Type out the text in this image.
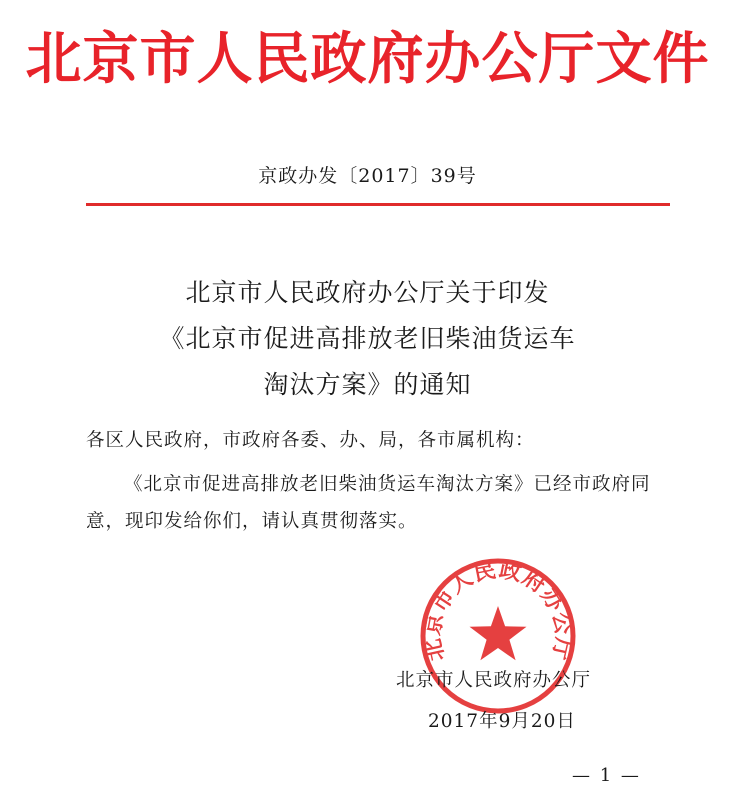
北京市人民政府办公厅文件
京政办发〔2017〕39号
北京市人民政府办公厅关于印发
《北京市促进高排放老旧柴油货运车
淘汰方案》的通知
各区人民政府，市政府各委、办、局，各市属机构：
《北京市促进高排放老旧柴油货运车淘汰方案》已经市政府同
意，现印发给你们，请认真贯彻落实。
北京市人民政府办公厅
北京市人民政府办公厅
2017年9月20日
— 1 —
